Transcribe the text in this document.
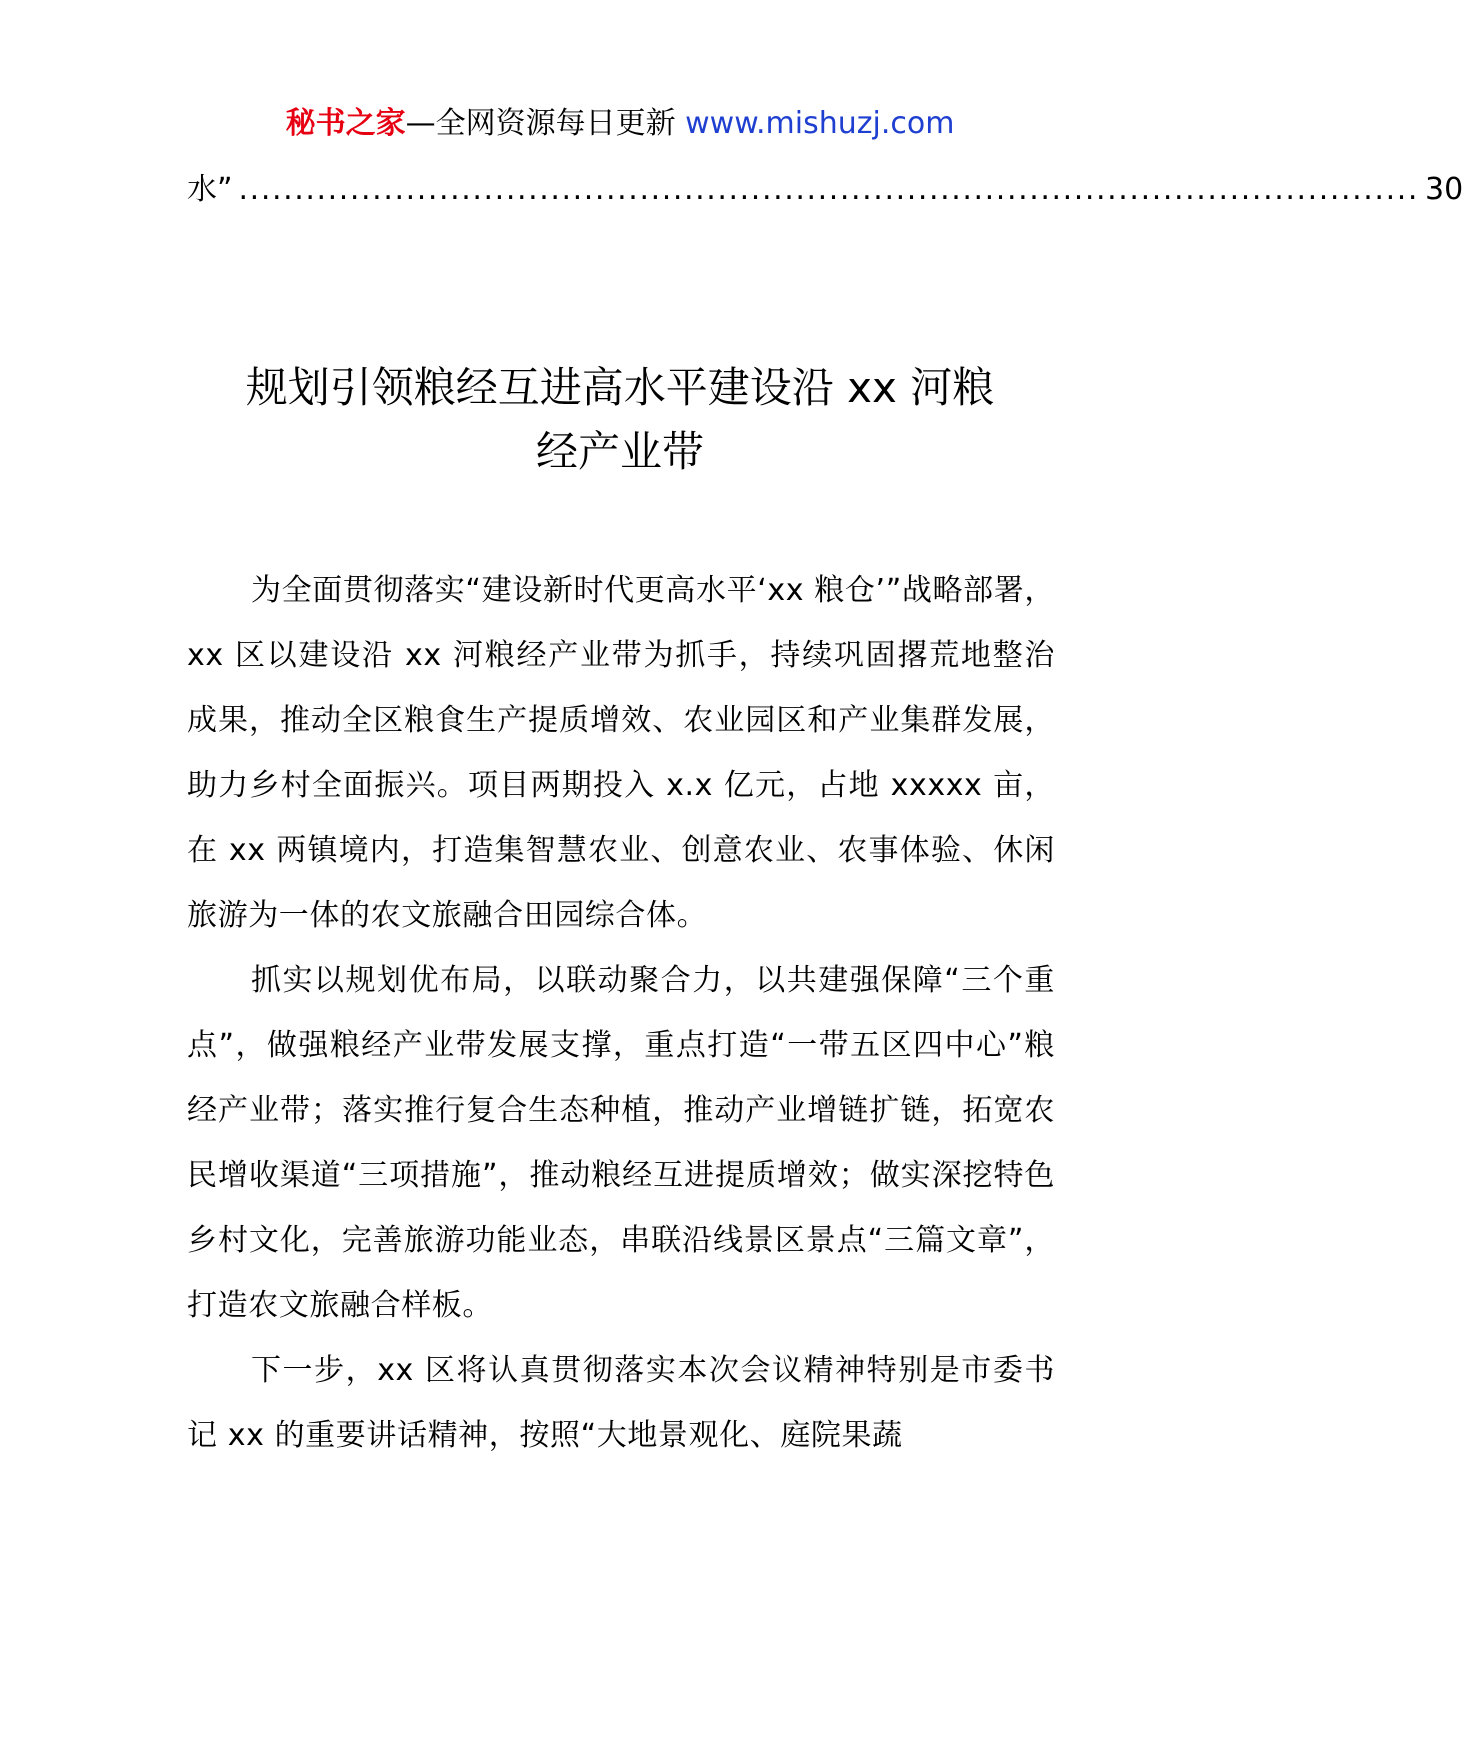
秘书之家—全网资源每日更新 www.mishuzj.com
水” .......................................................................................................... 30
规划引领粮经互进高水平建设沿 xx 河粮
经产业带

为全面贯彻落实“建设新时代更高水平‘xx 粮仓’”战略部署，xx 区以建设沿 xx 河粮经产业带为抓手，持续巩固撂荒地整治成果，推动全区粮食生产提质增效、农业园区和产业集群发展，助力乡村全面振兴。项目两期投入 x.x 亿元，占地 xxxxx 亩，在 xx 两镇境内，打造集智慧农业、创意农业、农事体验、休闲旅游为一体的农文旅融合田园综合体。

抓实以规划优布局，以联动聚合力，以共建强保障“三个重点”，做强粮经产业带发展支撑，重点打造“一带五区四中心”粮经产业带；落实推行复合生态种植，推动产业增链扩链，拓宽农民增收渠道“三项措施”，推动粮经互进提质增效；做实深挖特色乡村文化，完善旅游功能业态，串联沿线景区景点“三篇文章”，打造农文旅融合样板。

下一步，xx 区将认真贯彻落实本次会议精神特别是市委书记 xx 的重要讲话精神，按照“大地景观化、庭院果蔬
